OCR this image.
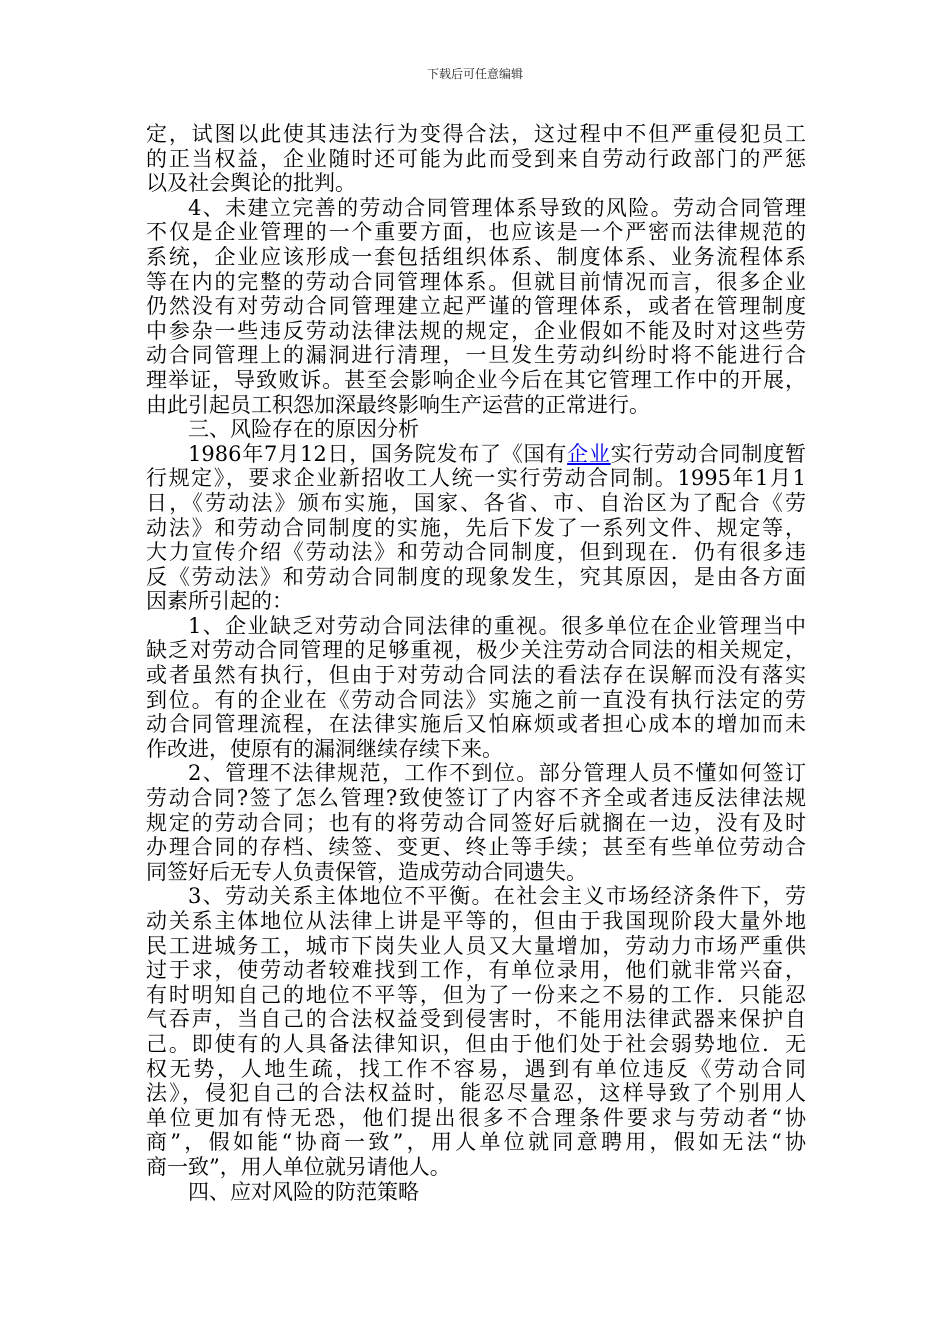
下载后可任意编辑
定，试图以此使其违法行为变得合法，这过程中不但严重侵犯员工
的正当权益，企业随时还可能为此而受到来自劳动行政部门的严惩
以及社会舆论的批判。
4、未建立完善的劳动合同管理体系导致的风险。劳动合同管理
不仅是企业管理的一个重要方面，也应该是一个严密而法律规范的
系统，企业应该形成一套包括组织体系、制度体系、业务流程体系
等在内的完整的劳动合同管理体系。但就目前情况而言，很多企业
仍然没有对劳动合同管理建立起严谨的管理体系，或者在管理制度
中参杂一些违反劳动法律法规的规定，企业假如不能及时对这些劳
动合同管理上的漏洞进行清理，一旦发生劳动纠纷时将不能进行合
理举证，导致败诉。甚至会影响企业今后在其它管理工作中的开展，
由此引起员工积怨加深最终影响生产运营的正常进行。
三、风险存在的原因分析
1986年7月12日，国务院发布了《国有企业实行劳动合同制度暂
行规定》，要求企业新招收工人统一实行劳动合同制。1995年1月1
日，《劳动法》颁布实施，国家、各省、市、自治区为了配合《劳
动法》和劳动合同制度的实施，先后下发了一系列文件、规定等，
大力宣传介绍《劳动法》和劳动合同制度，但到现在．仍有很多违
反《劳动法》和劳动合同制度的现象发生，究其原因，是由各方面
因素所引起的：
1、企业缺乏对劳动合同法律的重视。很多单位在企业管理当中
缺乏对劳动合同管理的足够重视，极少关注劳动合同法的相关规定，
或者虽然有执行，但由于对劳动合同法的看法存在误解而没有落实
到位。有的企业在《劳动合同法》实施之前一直没有执行法定的劳
动合同管理流程，在法律实施后又怕麻烦或者担心成本的增加而未
作改进，使原有的漏洞继续存续下来。
2、管理不法律规范，工作不到位。部分管理人员不懂如何签订
劳动合同?签了怎么管理?致使签订了内容不齐全或者违反法律法规
规定的劳动合同；也有的将劳动合同签好后就搁在一边，没有及时
办理合同的存档、续签、变更、终止等手续；甚至有些单位劳动合
同签好后无专人负责保管，造成劳动合同遗失。
3、劳动关系主体地位不平衡。在社会主义市场经济条件下，劳
动关系主体地位从法律上讲是平等的，但由于我国现阶段大量外地
民工进城务工，城市下岗失业人员又大量增加，劳动力市场严重供
过于求，使劳动者较难找到工作，有单位录用，他们就非常兴奋，
有时明知自己的地位不平等，但为了一份来之不易的工作．只能忍
气吞声，当自己的合法权益受到侵害时，不能用法律武器来保护自
己。即使有的人具备法律知识，但由于他们处于社会弱势地位．无
权无势，人地生疏，找工作不容易，遇到有单位违反《劳动合同
法》，侵犯自己的合法权益时，能忍尽量忍，这样导致了个别用人
单位更加有恃无恐，他们提出很多不合理条件要求与劳动者“协
商”，假如能“协商一致”，用人单位就同意聘用，假如无法“协
商一致”，用人单位就另请他人。
四、应对风险的防范策略
